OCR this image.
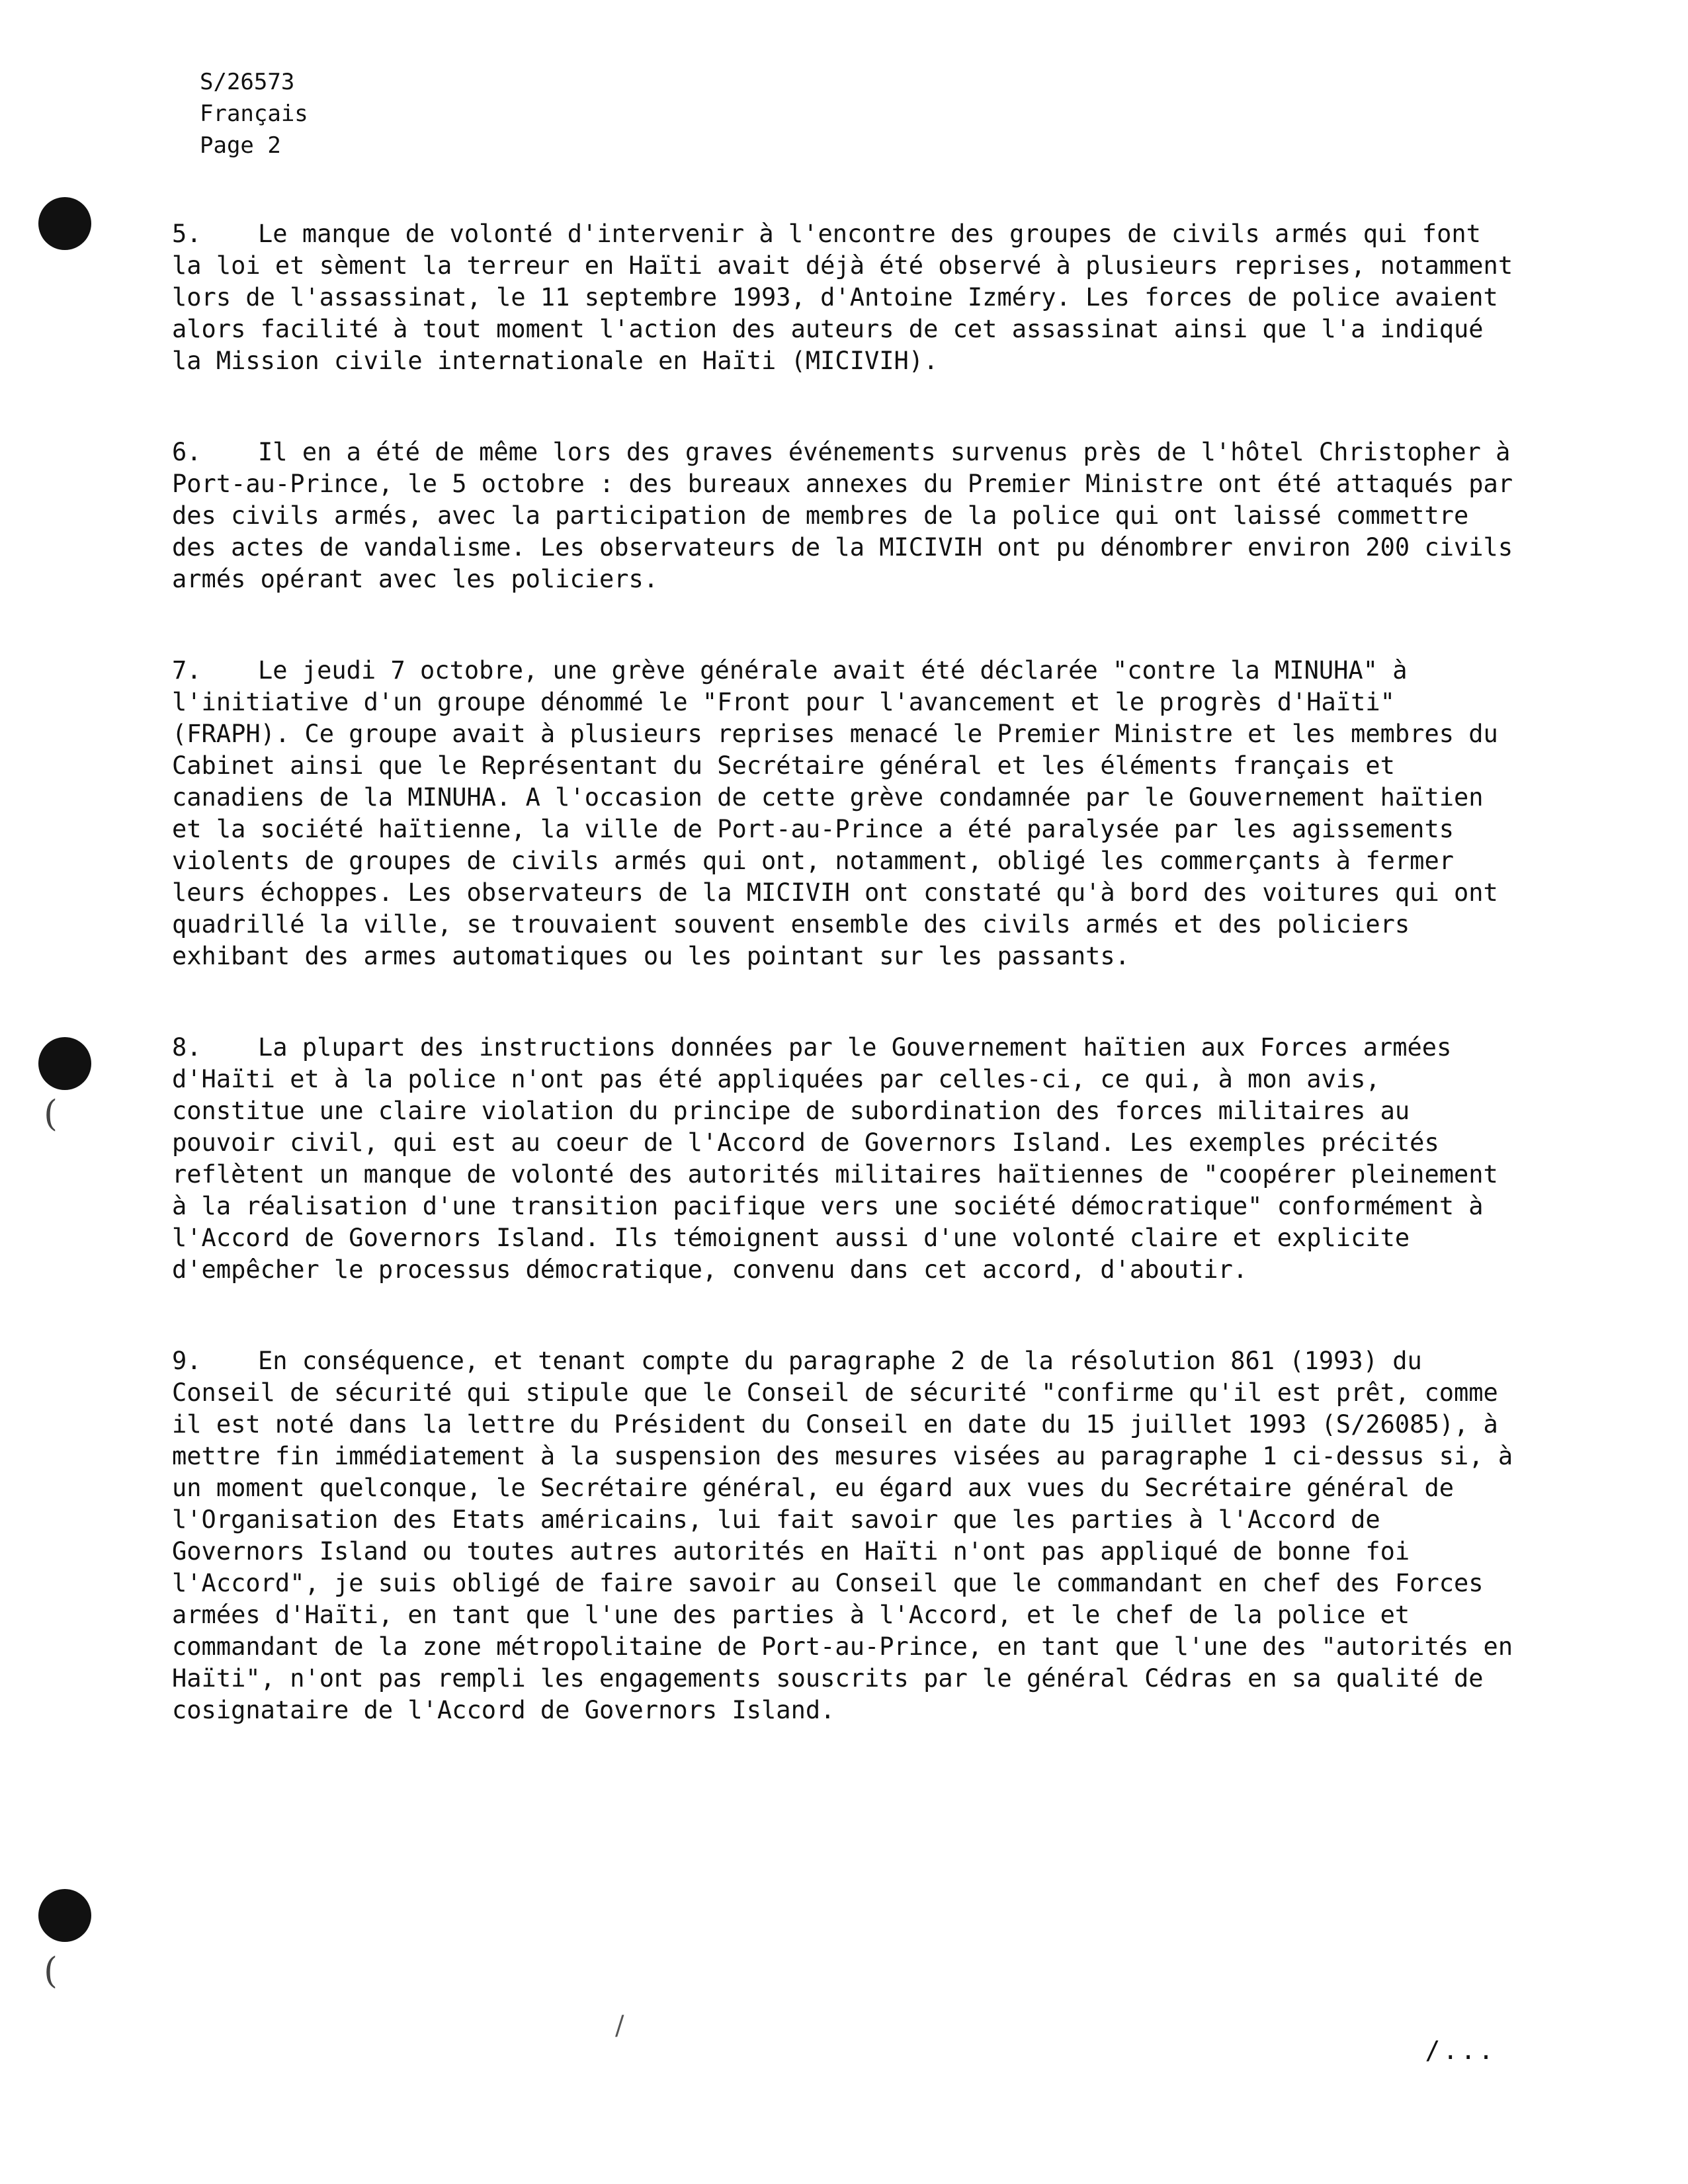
(
(
/
S/26573
Français
Page 2

5. Le manque de volonté d'intervenir à l'encontre des groupes de civils armés qui font la loi et sèment la terreur en Haïti avait déjà été observé à plusieurs reprises, notamment lors de l'assassinat, le 11 septembre 1993, d'Antoine Izméry. Les forces de police avaient alors facilité à tout moment l'action des auteurs de cet assassinat ainsi que l'a indiqué la Mission civile internationale en Haïti (MICIVIH).

6. Il en a été de même lors des graves événements survenus près de l'hôtel Christopher à Port-au-Prince, le 5 octobre : des bureaux annexes du Premier Ministre ont été attaqués par des civils armés, avec la participation de membres de la police qui ont laissé commettre des actes de vandalisme. Les observateurs de la MICIVIH ont pu dénombrer environ 200 civils armés opérant avec les policiers.

7. Le jeudi 7 octobre, une grève générale avait été déclarée "contre la MINUHA" à l'initiative d'un groupe dénommé le "Front pour l'avancement et le progrès d'Haïti" (FRAPH). Ce groupe avait à plusieurs reprises menacé le Premier Ministre et les membres du Cabinet ainsi que le Représentant du Secrétaire général et les éléments français et canadiens de la MINUHA. A l'occasion de cette grève condamnée par le Gouvernement haïtien et la société haïtienne, la ville de Port-au-Prince a été paralysée par les agissements violents de groupes de civils armés qui ont, notamment, obligé les commerçants à fermer leurs échoppes. Les observateurs de la MICIVIH ont constaté qu'à bord des voitures qui ont quadrillé la ville, se trouvaient souvent ensemble des civils armés et des policiers exhibant des armes automatiques ou les pointant sur les passants.

8. La plupart des instructions données par le Gouvernement haïtien aux Forces armées d'Haïti et à la police n'ont pas été appliquées par celles-ci, ce qui, à mon avis, constitue une claire violation du principe de subordination des forces militaires au pouvoir civil, qui est au coeur de l'Accord de Governors Island. Les exemples précités reflètent un manque de volonté des autorités militaires haïtiennes de "coopérer pleinement à la réalisation d'une transition pacifique vers une société démocratique" conformément à l'Accord de Governors Island. Ils témoignent aussi d'une volonté claire et explicite d'empêcher le processus démocratique, convenu dans cet accord, d'aboutir.

9. En conséquence, et tenant compte du paragraphe 2 de la résolution 861 (1993) du Conseil de sécurité qui stipule que le Conseil de sécurité "confirme qu'il est prêt, comme il est noté dans la lettre du Président du Conseil en date du 15 juillet 1993 (S/26085), à mettre fin immédiatement à la suspension des mesures visées au paragraphe 1 ci-dessus si, à un moment quelconque, le Secrétaire général, eu égard aux vues du Secrétaire général de l'Organisation des Etats américains, lui fait savoir que les parties à l'Accord de Governors Island ou toutes autres autorités en Haïti n'ont pas appliqué de bonne foi l'Accord", je suis obligé de faire savoir au Conseil que le commandant en chef des Forces armées d'Haïti, en tant que l'une des parties à l'Accord, et le chef de la police et commandant de la zone métropolitaine de Port-au-Prince, en tant que l'une des "autorités en Haïti", n'ont pas rempli les engagements souscrits par le général Cédras en sa qualité de cosignataire de l'Accord de Governors Island.

/...
